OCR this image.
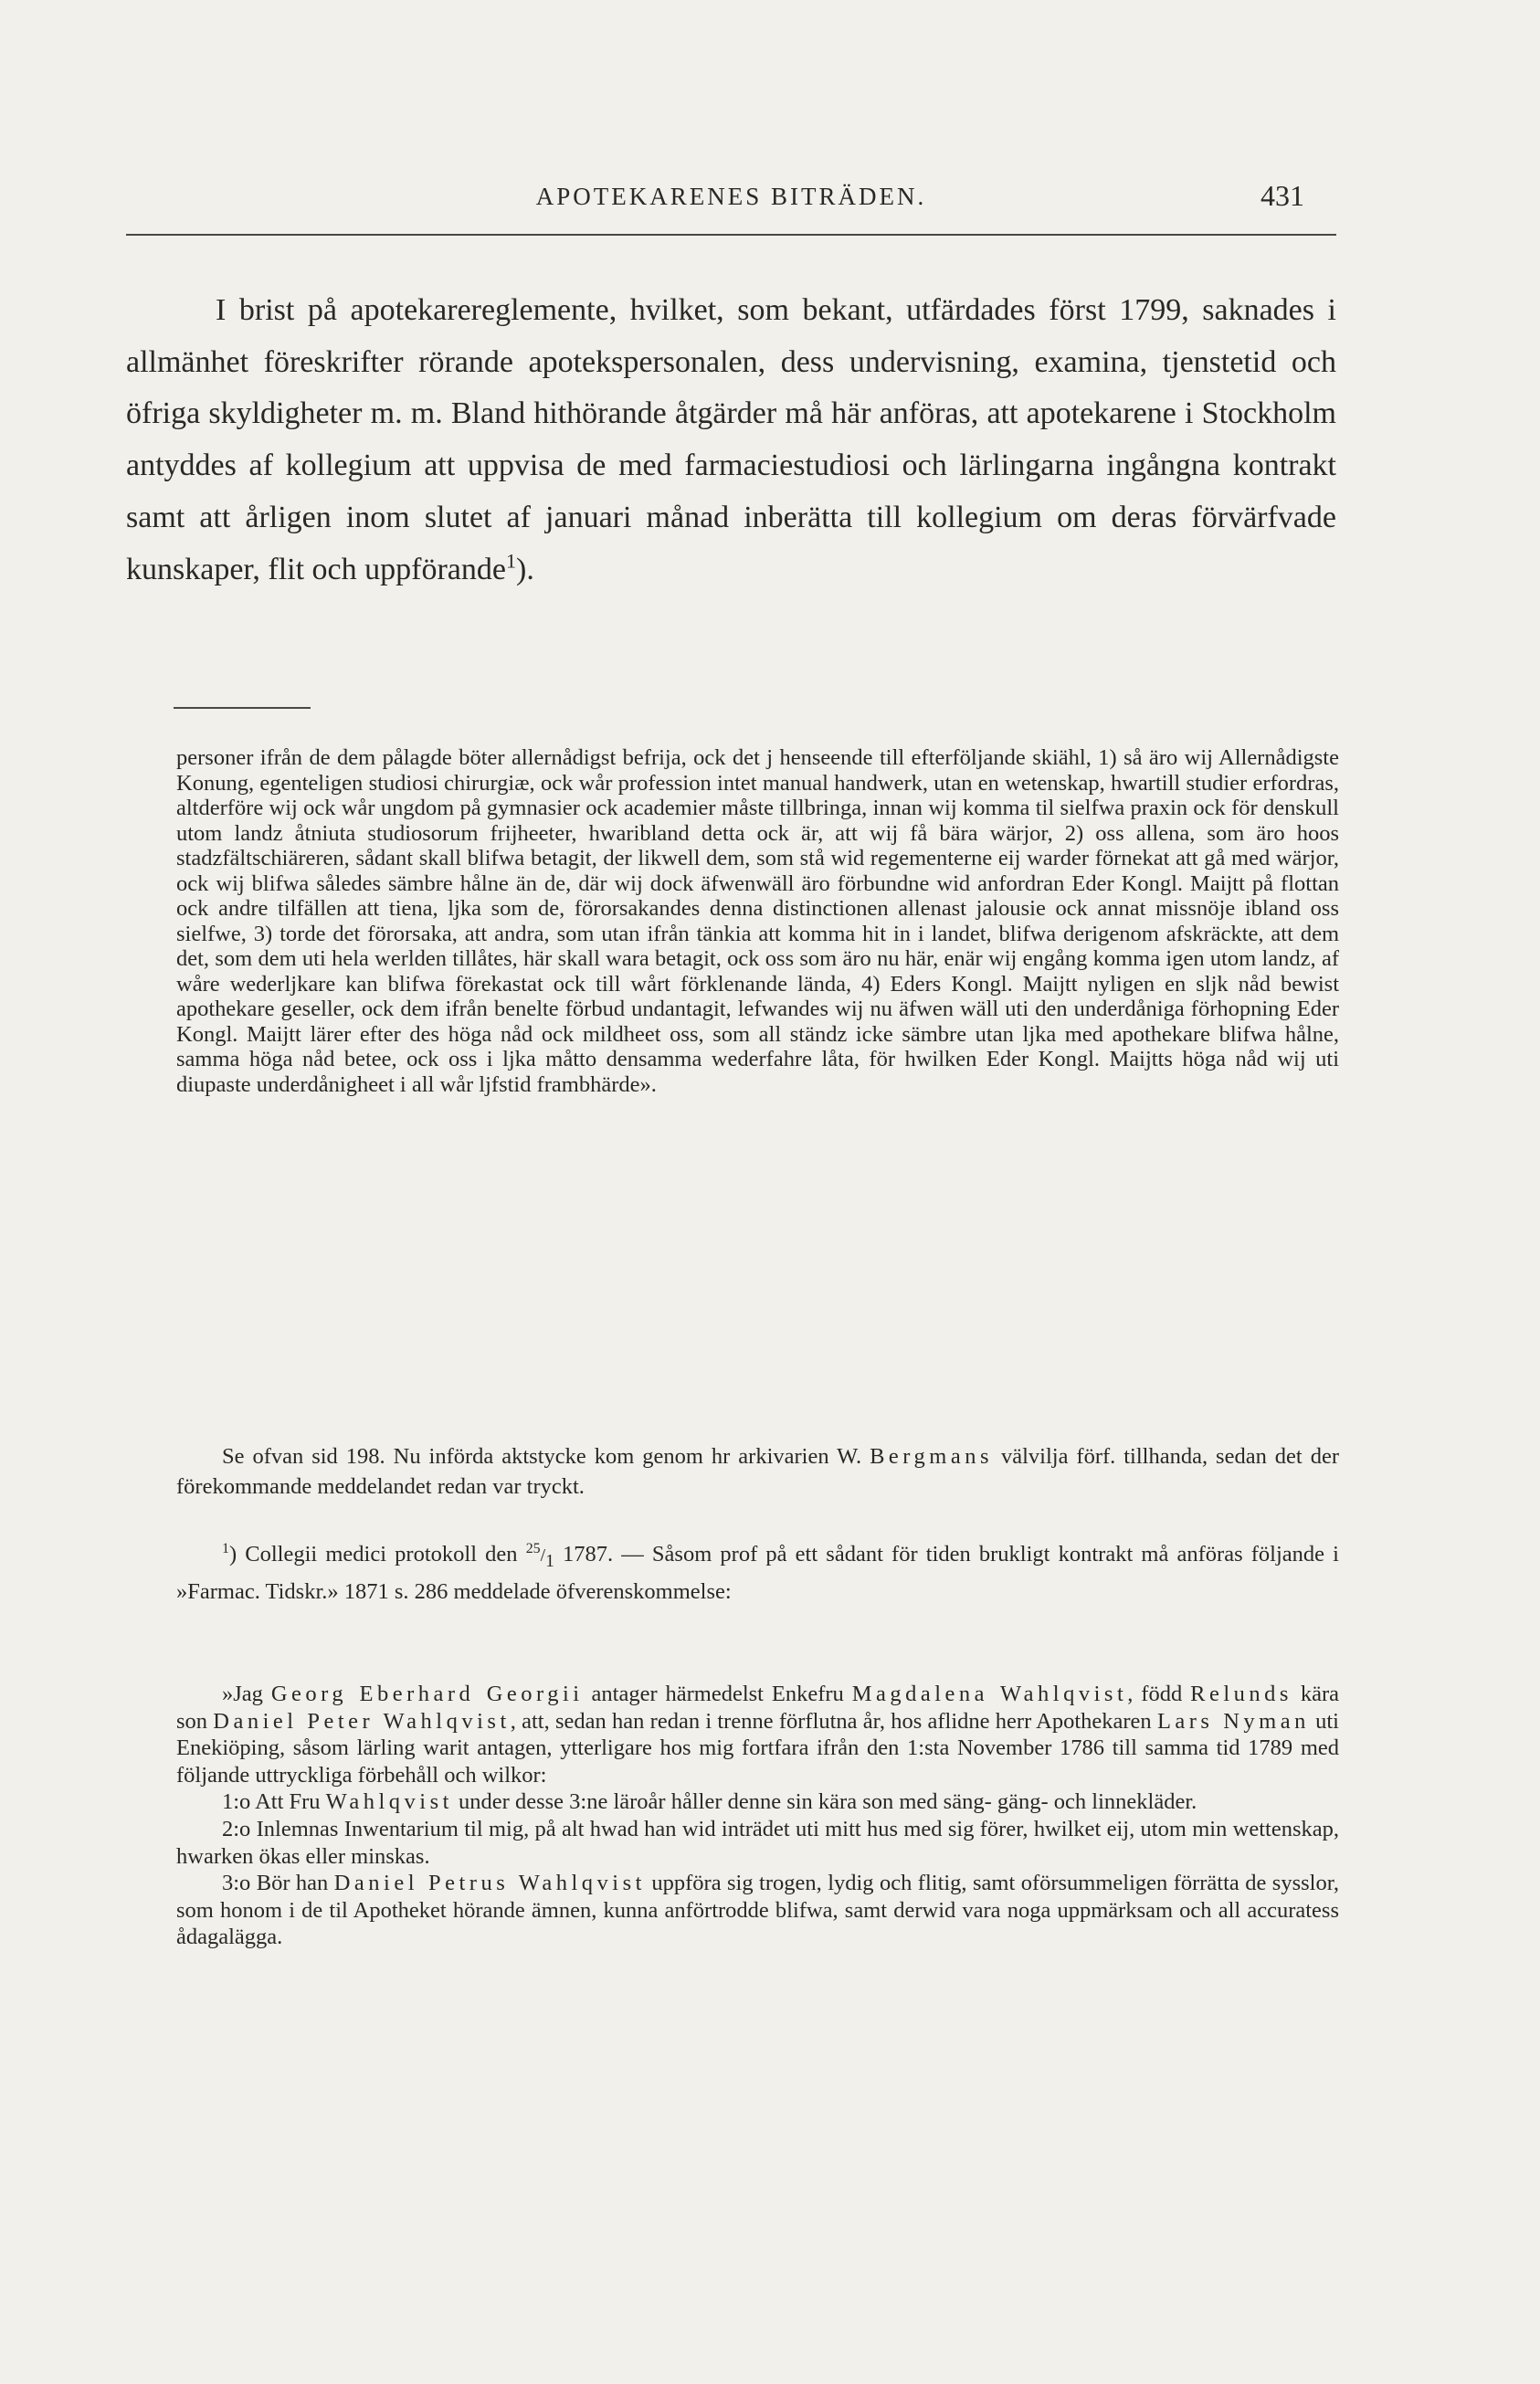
APOTEKARENES BITRÄDEN.	431

I brist på apotekarereglemente, hvilket, som bekant, utfärdades först 1799, saknades i allmänhet föreskrifter rörande apotekspersonalen, dess undervisning, examina, tjenstetid och öfriga skyldigheter m. m. Bland hithörande åtgärder må här anföras, att apotekarene i Stockholm antyddes af kollegium att uppvisa de med farmaciestudiosi och lärlingarna ingångna kontrakt samt att årligen inom slutet af januari månad inberätta till kollegium om deras förvärfvade kunskaper, flit och uppförande$^1$).

personer ifrån de dem pålagde böter allernådigst befrija, ock det j henseende till efterföljande skiähl, 1) så äro wij Allernådigste Konung, egenteligen studiosi chirurgiæ, ock wår profession intet manual handwerk, utan en wetenskap, hwartill studier erfordras, altderföre wij ock wår ungdom på gymnasier ock academier måste tillbringa, innan wij komma til sielfwa praxin ock för denskull utom landz åtniuta studiosorum frijheeter, hwaribland detta ock är, att wij få bära wärjor, 2) oss allena, som äro hoos stadzfältschiäreren, sådant skall blifwa betagit, der likwell dem, som stå wid regementerne eij warder förnekat att gå med wärjor, ock wij blifwa således sämbre hålne än de, där wij dock äfwenwäll äro förbundne wid anfordran Eder Kongl. Maijtt på flottan ock andre tilfällen att tiena, ljka som de, förorsakandes denna distinctionen allenast jalousie ock annat missnöje ibland oss sielfwe, 3) torde det förorsaka, att andra, som utan ifrån tänkia att komma hit in i landet, blifwa derigenom afskräckte, att dem det, som dem uti hela werlden tillåtes, här skall wara betagit, ock oss som äro nu här, enär wij engång komma igen utom landz, af wåre wederljkare kan blifwa förekastat ock till wårt förklenande lända, 4) Eders Kongl. Maijtt nyligen en sljk nåd bewist apothekare geseller, ock dem ifrån benelte förbud undantagit, lefwandes wij nu äfwen wäll uti den underdåniga förhopning Eder Kongl. Maijtt lärer efter des höga nåd ock mildheet oss, som all ständz icke sämbre utan ljka med apothekare blifwa hålne, samma höga nåd betee, ock oss i ljka måtto densamma wederfahre låta, för hwilken Eder Kongl. Maijtts höga nåd wij uti diupaste underdånigheet i all wår ljfstid frambhärde».

Se ofvan sid 198. Nu införda aktstycke kom genom hr arkivarien W. Bergmans välvilja förf. tillhanda, sedan det der förekommande meddelandet redan var tryckt.

$^1$) Collegii medici protokoll den $^{25}/_1$ 1787. — Såsom prof på ett sådant för tiden brukligt kontrakt må anföras följande i »Farmac. Tidskr.» 1871 s. 286 meddelade öfverenskommelse:

»Jag Georg Eberhard Georgii antager härmedelst Enkefru Magdalena Wahlqvist, född Relunds kära son Daniel Peter Wahlqvist, att, sedan han redan i trenne förflutna år, hos aflidne herr Apothekaren Lars Nyman uti Enekiöping, såsom lärling warit antagen, ytterligare hos mig fortfara ifrån den 1:sta November 1786 till samma tid 1789 med följande uttryckliga förbehåll och wilkor:

1:o Att Fru Wahlqvist under desse 3:ne läroår håller denne sin kära son med säng- gäng- och linnekläder.

2:o Inlemnas Inwentarium til mig, på alt hwad han wid inträdet uti mitt hus med sig förer, hwilket eij, utom min wettenskap, hwarken ökas eller minskas.

3:o Bör han Daniel Petrus Wahlqvist uppföra sig trogen, lydig och flitig, samt oförsummeligen förrätta de sysslor, som honom i de til Apotheket hörande ämnen, kunna anförtrodde blifwa, samt derwid vara noga uppmärksam och all accuratess ådagalägga.
